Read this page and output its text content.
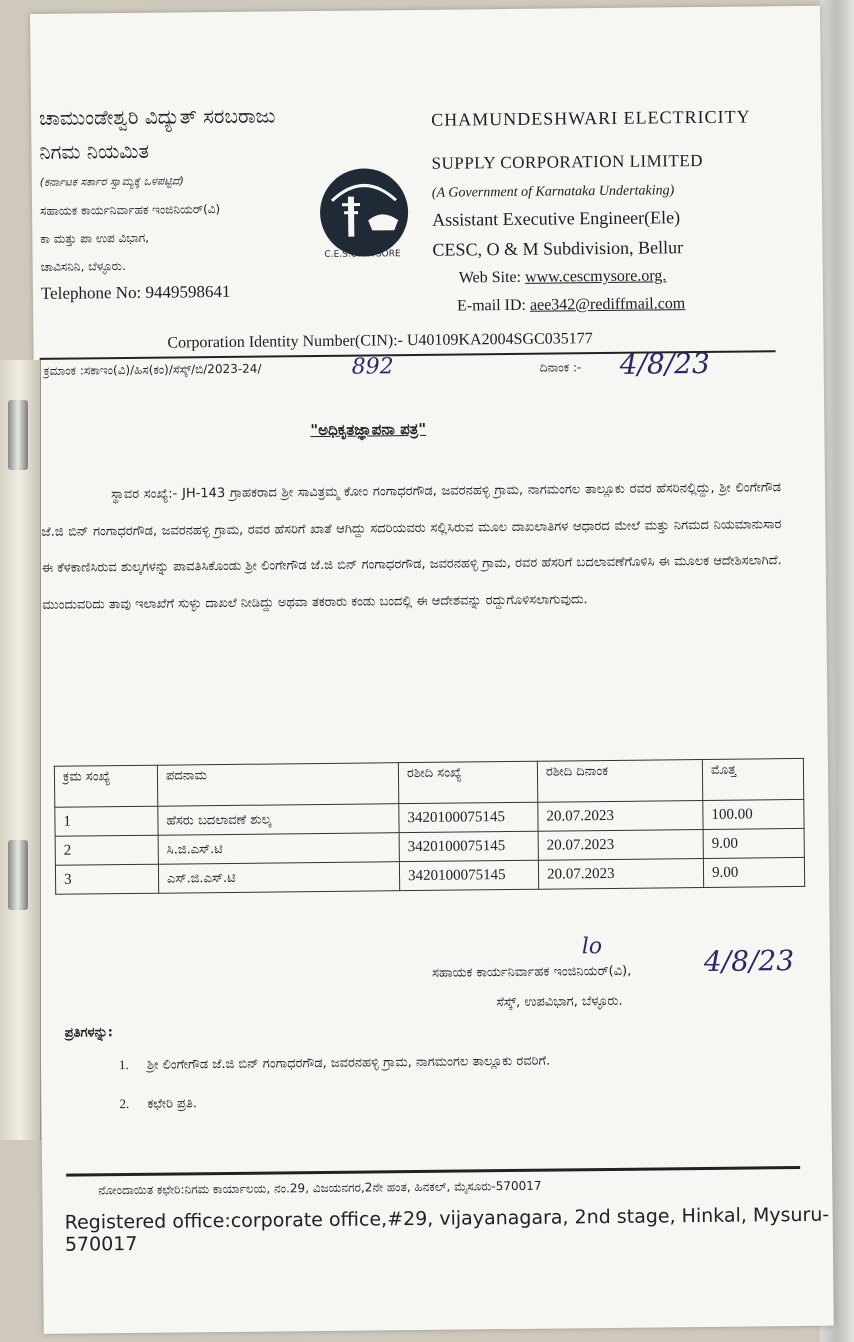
ಚಾಮುಂಡೇಶ್ವರಿ ವಿದ್ಯುತ್ ಸರಬರಾಜು
ನಿಗಮ ನಿಯಮಿತ
(ಕರ್ನಾಟಕ ಸರ್ಕಾರ ಸ್ವಾಮ್ಯಕ್ಕೆ ಒಳಪಟ್ಟಿದೆ)
ಸಹಾಯಕ ಕಾರ್ಯನಿರ್ವಾಹಕ ಇಂಜಿನಿಯರ್(ವಿ)
ಕಾ ಮತ್ತು ಪಾ ಉಪ ವಿಭಾಗ,
ಚಾವಿಸನಿನಿ, ಬೆಳ್ಳೂರು.
Telephone No: 9449598641
C.E.S.C. MYSORE
CHAMUNDESHWARI ELECTRICITY
SUPPLY CORPORATION LIMITED
(A Government of Karnataka Undertaking)
Assistant Executive Engineer(Ele)
CESC, O & M Subdivision, Bellur
Web Site: www.cescmysore.org.
E-mail ID: aee342@rediffmail.com
Corporation Identity Number(CIN):- U40109KA2004SGC035177
ಕ್ರಮಾಂಕ :ಸಕಾಇಂ(ವಿ)/ಹಿಸ(ಕಂ)/ಸೆಸ್ಕ್/ಬಿ/2023-24/	892	ದಿನಾಂಕ :- 4/8/23
"ಅಧಿಕೃತಜ್ಞಾಪನಾ ಪತ್ರ"
ಸ್ಥಾವರ ಸಂಖ್ಯೆ:- JH-143 ಗ್ರಾಹಕರಾದ ಶ್ರೀ ಸಾವಿತ್ರಮ್ಮ ಕೋಂ ಗಂಗಾಧರಗೌಡ, ಜವರನಹಳ್ಳಿ ಗ್ರಾಮ, ನಾಗಮಂಗಲ ತಾಲ್ಲೂಕು ರವರ ಹೆಸರಿನಲ್ಲಿದ್ದು, ಶ್ರೀ ಲಿಂಗೇಗೌಡ ಜೆ.ಜಿ ಬಿನ್ ಗಂಗಾಧರಗೌಡ, ಜವರನಹಳ್ಳಿ ಗ್ರಾಮ, ರವರ ಹೆಸರಿಗೆ ಖಾತೆ ಆಗಿದ್ದು ಸದರಿಯವರು ಸಲ್ಲಿಸಿರುವ ಮೂಲ ದಾಖಲಾತಿಗಳ ಆಧಾರದ ಮೇಲೆ ಮತ್ತು ನಿಗಮದ ನಿಯಮಾನುಸಾರ ಈ ಕೆಳಕಾಣಿಸಿರುವ ಶುಲ್ಕಗಳನ್ನು ಪಾವತಿಸಿಕೊಂಡು ಶ್ರೀ ಲಿಂಗೇಗೌಡ ಜೆ.ಜಿ ಬಿನ್ ಗಂಗಾಧರಗೌಡ, ಜವರನಹಳ್ಳಿ ಗ್ರಾಮ, ರವರ ಹೆಸರಿಗೆ ಬದಲಾವಣೆಗೊಳಿಸಿ ಈ ಮೂಲಕ ಆದೇಶಿಸಲಾಗಿದೆ. ಮುಂದುವರಿದು ತಾವು ಇಲಾಖೆಗೆ ಸುಳ್ಳು ದಾಖಲೆ ನೀಡಿದ್ದು ಅಥವಾ ತಕರಾರು ಕಂಡು ಬಂದಲ್ಲಿ ಈ ಆದೇಶವನ್ನು ರದ್ದುಗೊಳಿಸಲಾಗುವುದು.
ಕ್ರಮ ಸಂಖ್ಯೆ	ಪದನಾಮ	ರಶೀದಿ ಸಂಖ್ಯೆ	ರಶೀದಿ ದಿನಾಂಕ	ಮೊತ್ತ
1	ಹೆಸರು ಬದಲಾವಣೆ ಶುಲ್ಕ	3420100075145	20.07.2023	100.00
2	ಸಿ.ಜಿ.ಎಸ್.ಟಿ	3420100075145	20.07.2023	9.00
3	ಎಸ್.ಜಿ.ಎಸ್.ಟಿ	3420100075145	20.07.2023	9.00
lo
ಸಹಾಯಕ ಕಾರ್ಯನಿರ್ವಾಹಕ ಇಂಜಿನಿಯರ್(ವಿ),	4/8/23
ಸೆಸ್ಕ್, ಉಪವಿಭಾಗ, ಬೆಳ್ಳೂರು.
ಪ್ರತಿಗಳನ್ನು:
1. ಶ್ರೀ ಲಿಂಗೇಗೌಡ ಜೆ.ಜಿ ಬಿನ್ ಗಂಗಾಧರಗೌಡ, ಜವರನಹಳ್ಳಿ ಗ್ರಾಮ, ನಾಗಮಂಗಲ ತಾಲ್ಲೂಕು ರವರಿಗೆ.
2. ಕಛೇರಿ ಪ್ರತಿ.
ನೋಂದಾಯಿತ ಕಛೇರಿ:ನಿಗಮ ಕಾರ್ಯಾಲಯ, ನಂ.29, ವಿಜಯನಗರ,2ನೇ ಹಂತ, ಹಿನಕಲ್, ಮೈಸೂರು-570017
Registered office:corporate office,#29, vijayanagara, 2nd stage, Hinkal, Mysuru-570017
